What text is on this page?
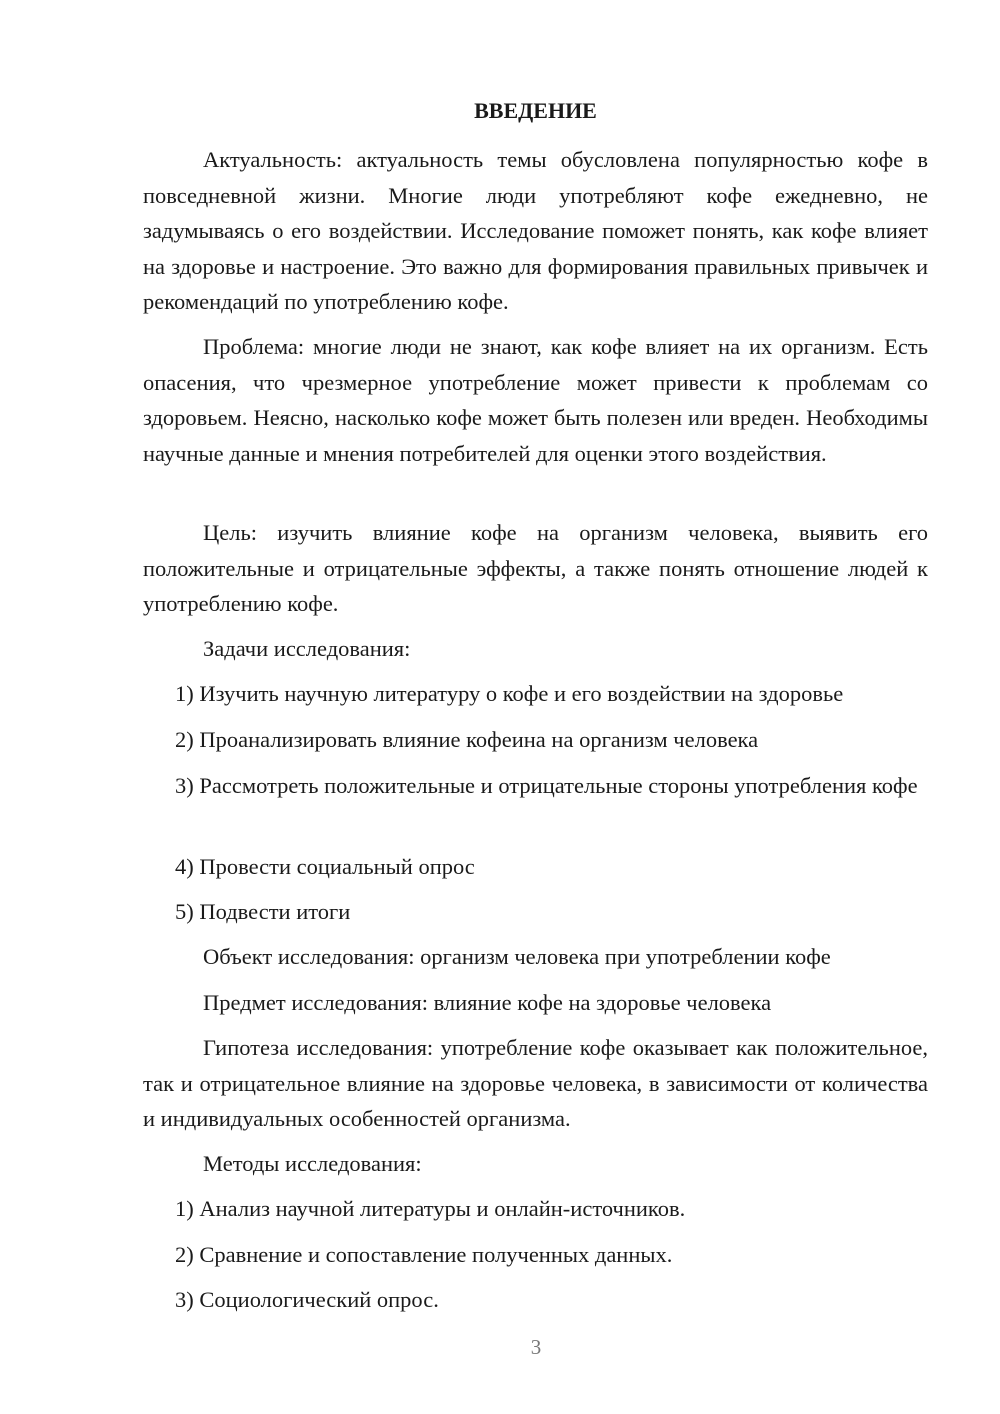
ВВЕДЕНИЕ

Актуальность: актуальность темы обусловлена популярностью кофе в повседневной жизни. Многие люди употребляют кофе ежедневно, не задумываясь о его воздействии. Исследование поможет понять, как кофе влияет на здоровье и настроение. Это важно для формирования правильных привычек и рекомендаций по употреблению кофе.

Проблема: многие люди не знают, как кофе влияет на их организм. Есть опасения, что чрезмерное употребление может привести к проблемам со здоровьем. Неясно, насколько кофе может быть полезен или вреден. Необходимы научные данные и мнения потребителей для оценки этого воздействия.

Цель: изучить влияние кофе на организм человека, выявить его положительные и отрицательные эффекты, а также понять отношение людей к употреблению кофе.

Задачи исследования:

1) Изучить научную литературу о кофе и его воздействии на здоровье

2) Проанализировать влияние кофеина на организм человека

3) Рассмотреть положительные и отрицательные стороны употребления кофе

4) Провести социальный опрос

5) Подвести итоги

Объект исследования: организм человека при употреблении кофе

Предмет исследования: влияние кофе на здоровье человека

Гипотеза исследования: употребление кофе оказывает как положительное, так и отрицательное влияние на здоровье человека, в зависимости от количества и индивидуальных особенностей организма.

Методы исследования:

1) Анализ научной литературы и онлайн-источников.

2) Сравнение и сопоставление полученных данных.

3) Социологический опрос.

3
